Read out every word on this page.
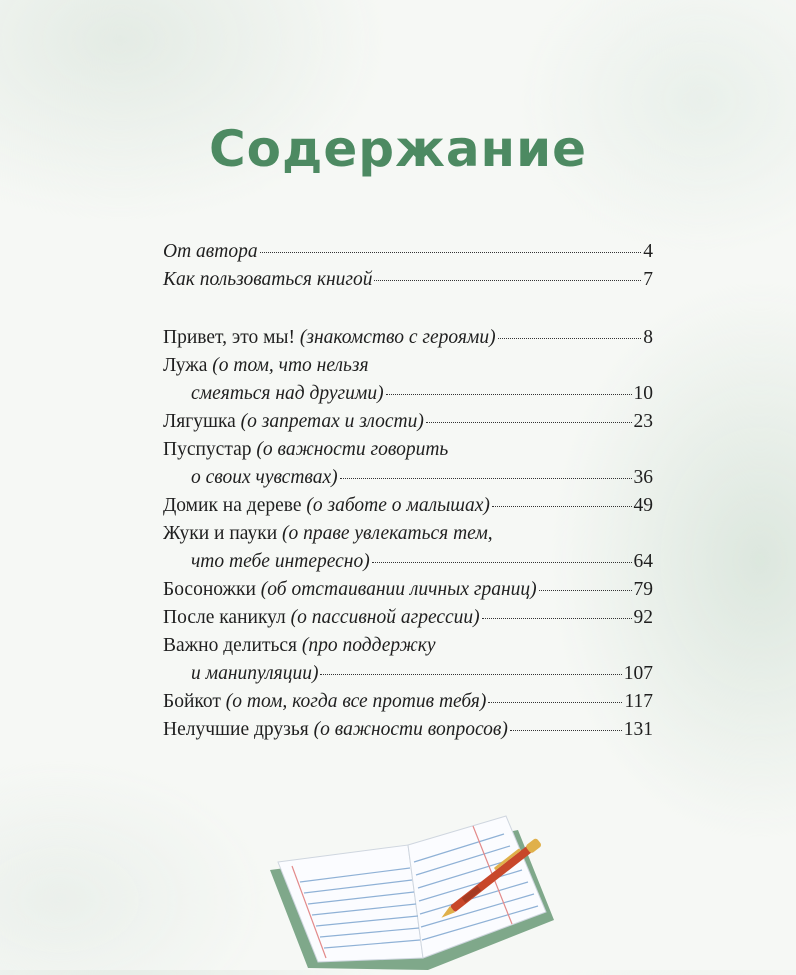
Содержание
От автора	4
Как пользоваться книгой	7
Привет, это мы! (знакомство с героями)	8
Лужа (о том, что нельзя
смеяться над другими)	10
Лягушка (о запретах и злости)	23
Пуспустар (о важности говорить
о своих чувствах)	36
Домик на дереве (о заботе о малышах)	49
Жуки и пауки (о праве увлекаться тем,
что тебе интересно)	64
Босоножки (об отстаивании личных границ)	79
После каникул (о пассивной агрессии)	92
Важно делиться (про поддержку
и манипуляции)	107
Бойкот (о том, когда все против тебя)	117
Нелучшие друзья (о важности вопросов)	131
